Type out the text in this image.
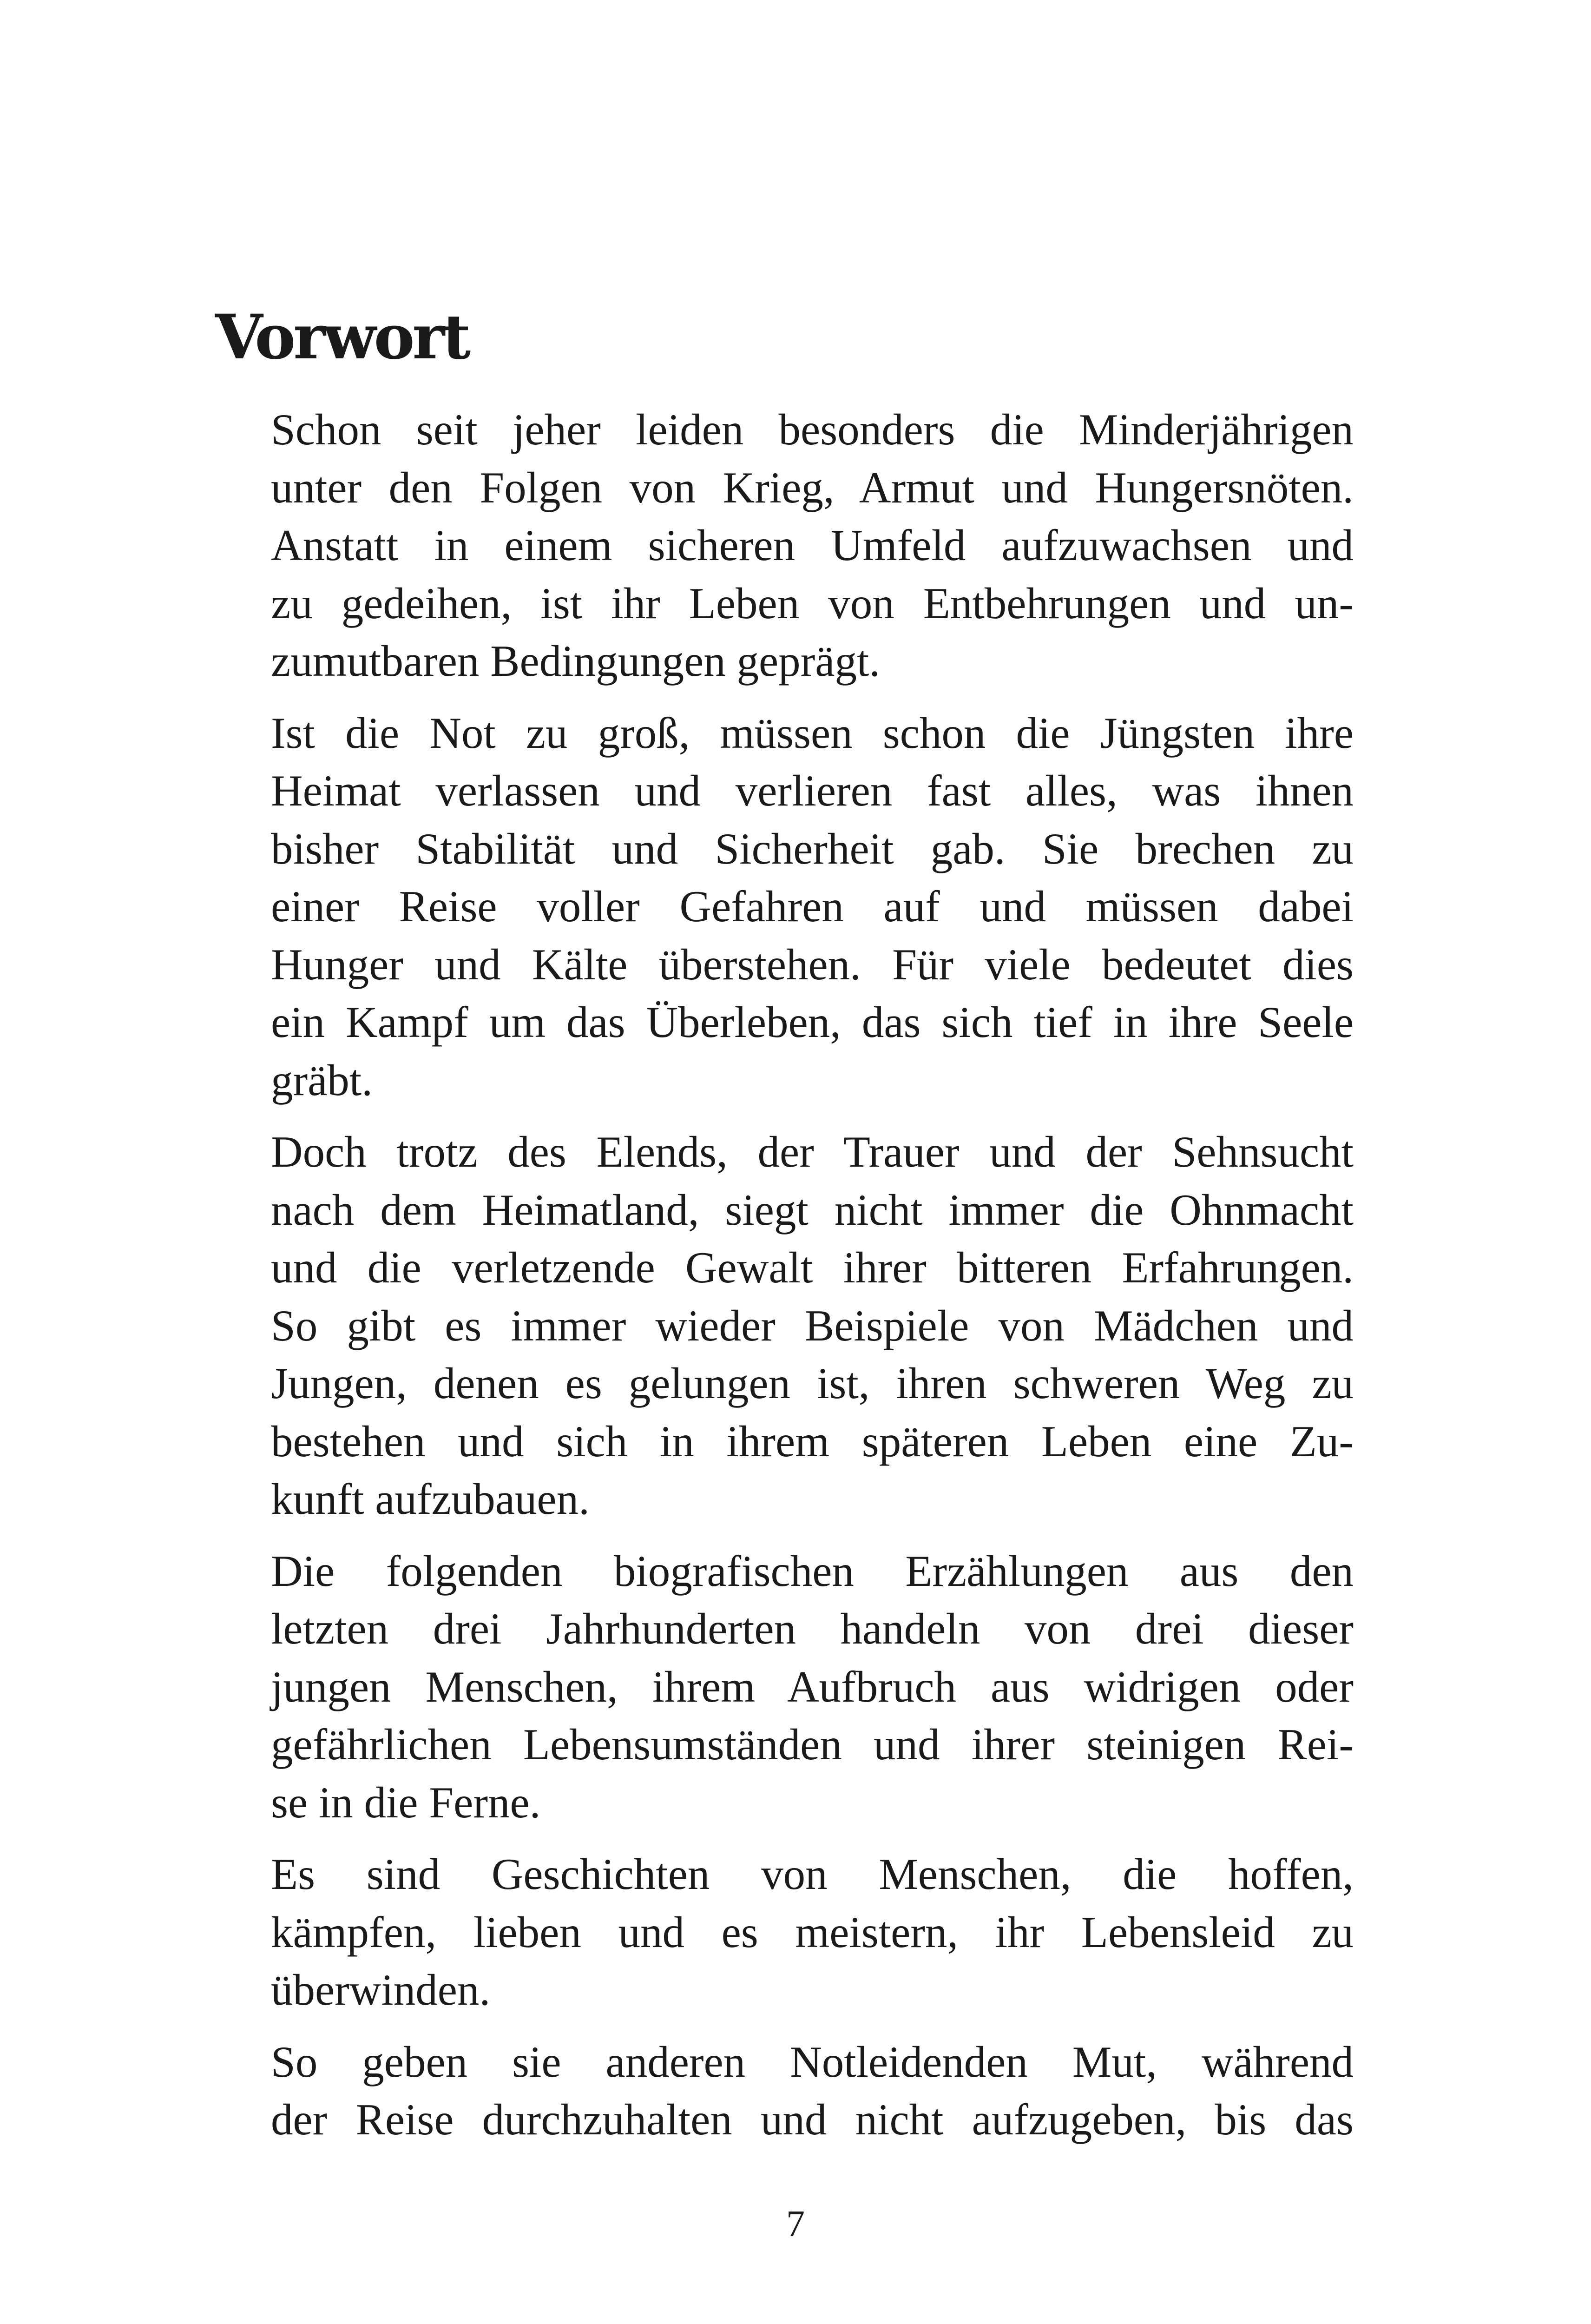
Vorwort
Schon seit jeher leiden besonders die Minderjährigen
unter den Folgen von Krieg, Armut und Hungersnöten.
Anstatt in einem sicheren Umfeld aufzuwachsen und
zu gedeihen, ist ihr Leben von Entbehrungen und un-
zumutbaren Bedingungen geprägt.
Ist die Not zu groß, müssen schon die Jüngsten ihre
Heimat verlassen und verlieren fast alles, was ihnen
bisher Stabilität und Sicherheit gab. Sie brechen zu
einer Reise voller Gefahren auf und müssen dabei
Hunger und Kälte überstehen. Für viele bedeutet dies
ein Kampf um das Überleben, das sich tief in ihre Seele
gräbt.
Doch trotz des Elends, der Trauer und der Sehnsucht
nach dem Heimatland, siegt nicht immer die Ohnmacht
und die verletzende Gewalt ihrer bitteren Erfahrungen.
So gibt es immer wieder Beispiele von Mädchen und
Jungen, denen es gelungen ist, ihren schweren Weg zu
bestehen und sich in ihrem späteren Leben eine Zu-
kunft aufzubauen.
Die folgenden biografischen Erzählungen aus den
letzten drei Jahrhunderten handeln von drei dieser
jungen Menschen, ihrem Aufbruch aus widrigen oder
gefährlichen Lebensumständen und ihrer steinigen Rei-
se in die Ferne.
Es sind Geschichten von Menschen, die hoffen,
kämpfen, lieben und es meistern, ihr Lebensleid zu
überwinden.
So geben sie anderen Notleidenden Mut, während
der Reise durchzuhalten und nicht aufzugeben, bis das
7
